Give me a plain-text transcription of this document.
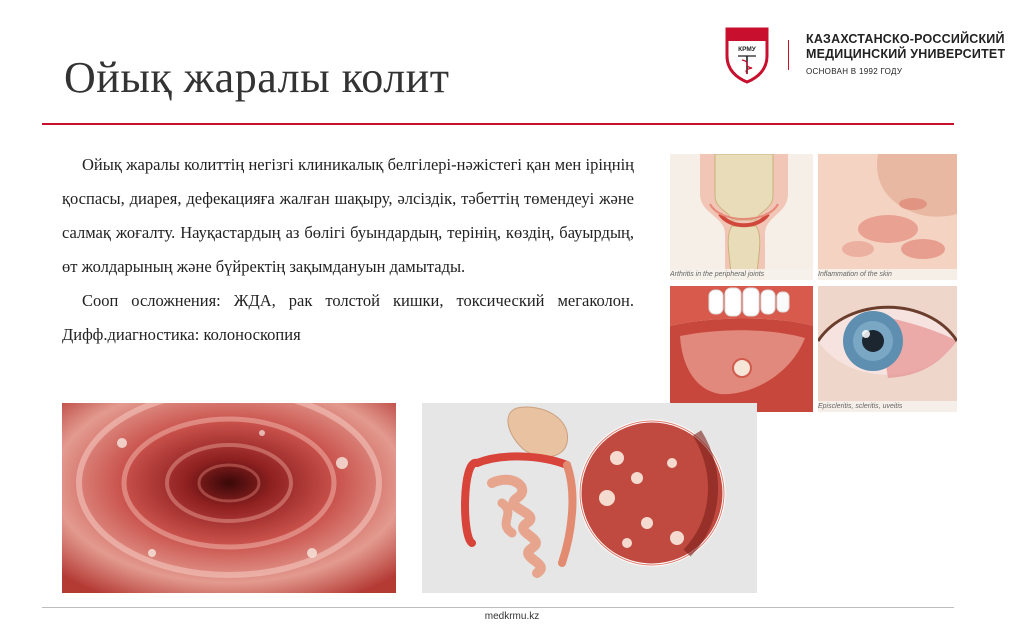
Ойық жаралы колит
КРМУ
КАЗАХСТАНСКО-РОССИЙСКИЙ
МЕДИЦИНСКИЙ УНИВЕРСИТЕТ
ОСНОВАН В 1992 ГОДУ

Ойық жаралы колиттің негізгі клиникалық белгілері-нәжістегі қан мен іріңнің қоспасы, диарея, дефекацияға жалған шақыру, әлсіздік, тәбеттің төмендеуі және салмақ жоғалту. Науқастардың аз бөлігі буындардың, терінің, көздің, бауырдың, өт жолдарының және бүйректің зақымдануын дамытады.

Сооп осложнения: ЖДА, рак толстой кишки, токсический мегаколон. Дифф.диагностика: колоноскопия

Arthritis in the peripheral joints	Inflammation of the skin
Episcleritis, scleritis, uveitis
medkrmu.kz
